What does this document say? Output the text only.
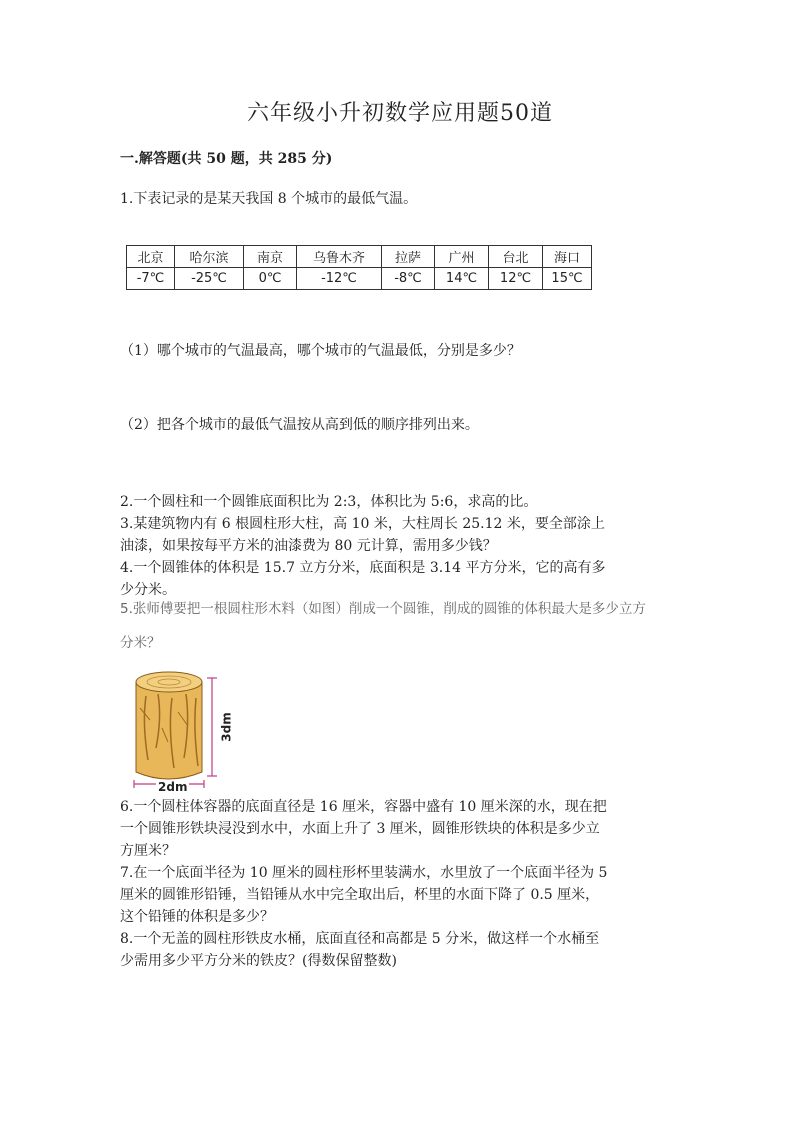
六年级小升初数学应用题50道
一.解答题(共 50 题，共 285 分)
1.下表记录的是某天我国 8 个城市的最低气温。
北京	哈尔滨	南京	乌鲁木齐	拉萨	广州	台北	海口
-7℃	-25℃	0℃	-12℃	-8℃	14℃	12℃	15℃
（1）哪个城市的气温最高，哪个城市的气温最低，分别是多少？
（2）把各个城市的最低气温按从高到低的顺序排列出来。
2.一个圆柱和一个圆锥底面积比为 2:3，体积比为 5:6，求高的比。
3.某建筑物内有 6 根圆柱形大柱，高 10 米，大柱周长 25.12 米，要全部涂上
油漆，如果按每平方米的油漆费为 80 元计算，需用多少钱？
4.一个圆锥体的体积是 15.7 立方分米，底面积是 3.14 平方分米，它的高有多
少分米。
5.张师傅要把一根圆柱形木料（如图）削成一个圆锥，削成的圆锥的体积最大是多少立方
分米？
3dm
2dm
6.一个圆柱体容器的底面直径是 16 厘米，容器中盛有 10 厘米深的水，现在把
一个圆锥形铁块浸没到水中，水面上升了 3 厘米，圆锥形铁块的体积是多少立
方厘米？
7.在一个底面半径为 10 厘米的圆柱形杯里装满水，水里放了一个底面半径为 5
厘米的圆锥形铅锤，当铅锤从水中完全取出后，杯里的水面下降了 0.5 厘米，
这个铅锤的体积是多少？
8.一个无盖的圆柱形铁皮水桶，底面直径和高都是 5 分米，做这样一个水桶至
少需用多少平方分米的铁皮？(得数保留整数)
